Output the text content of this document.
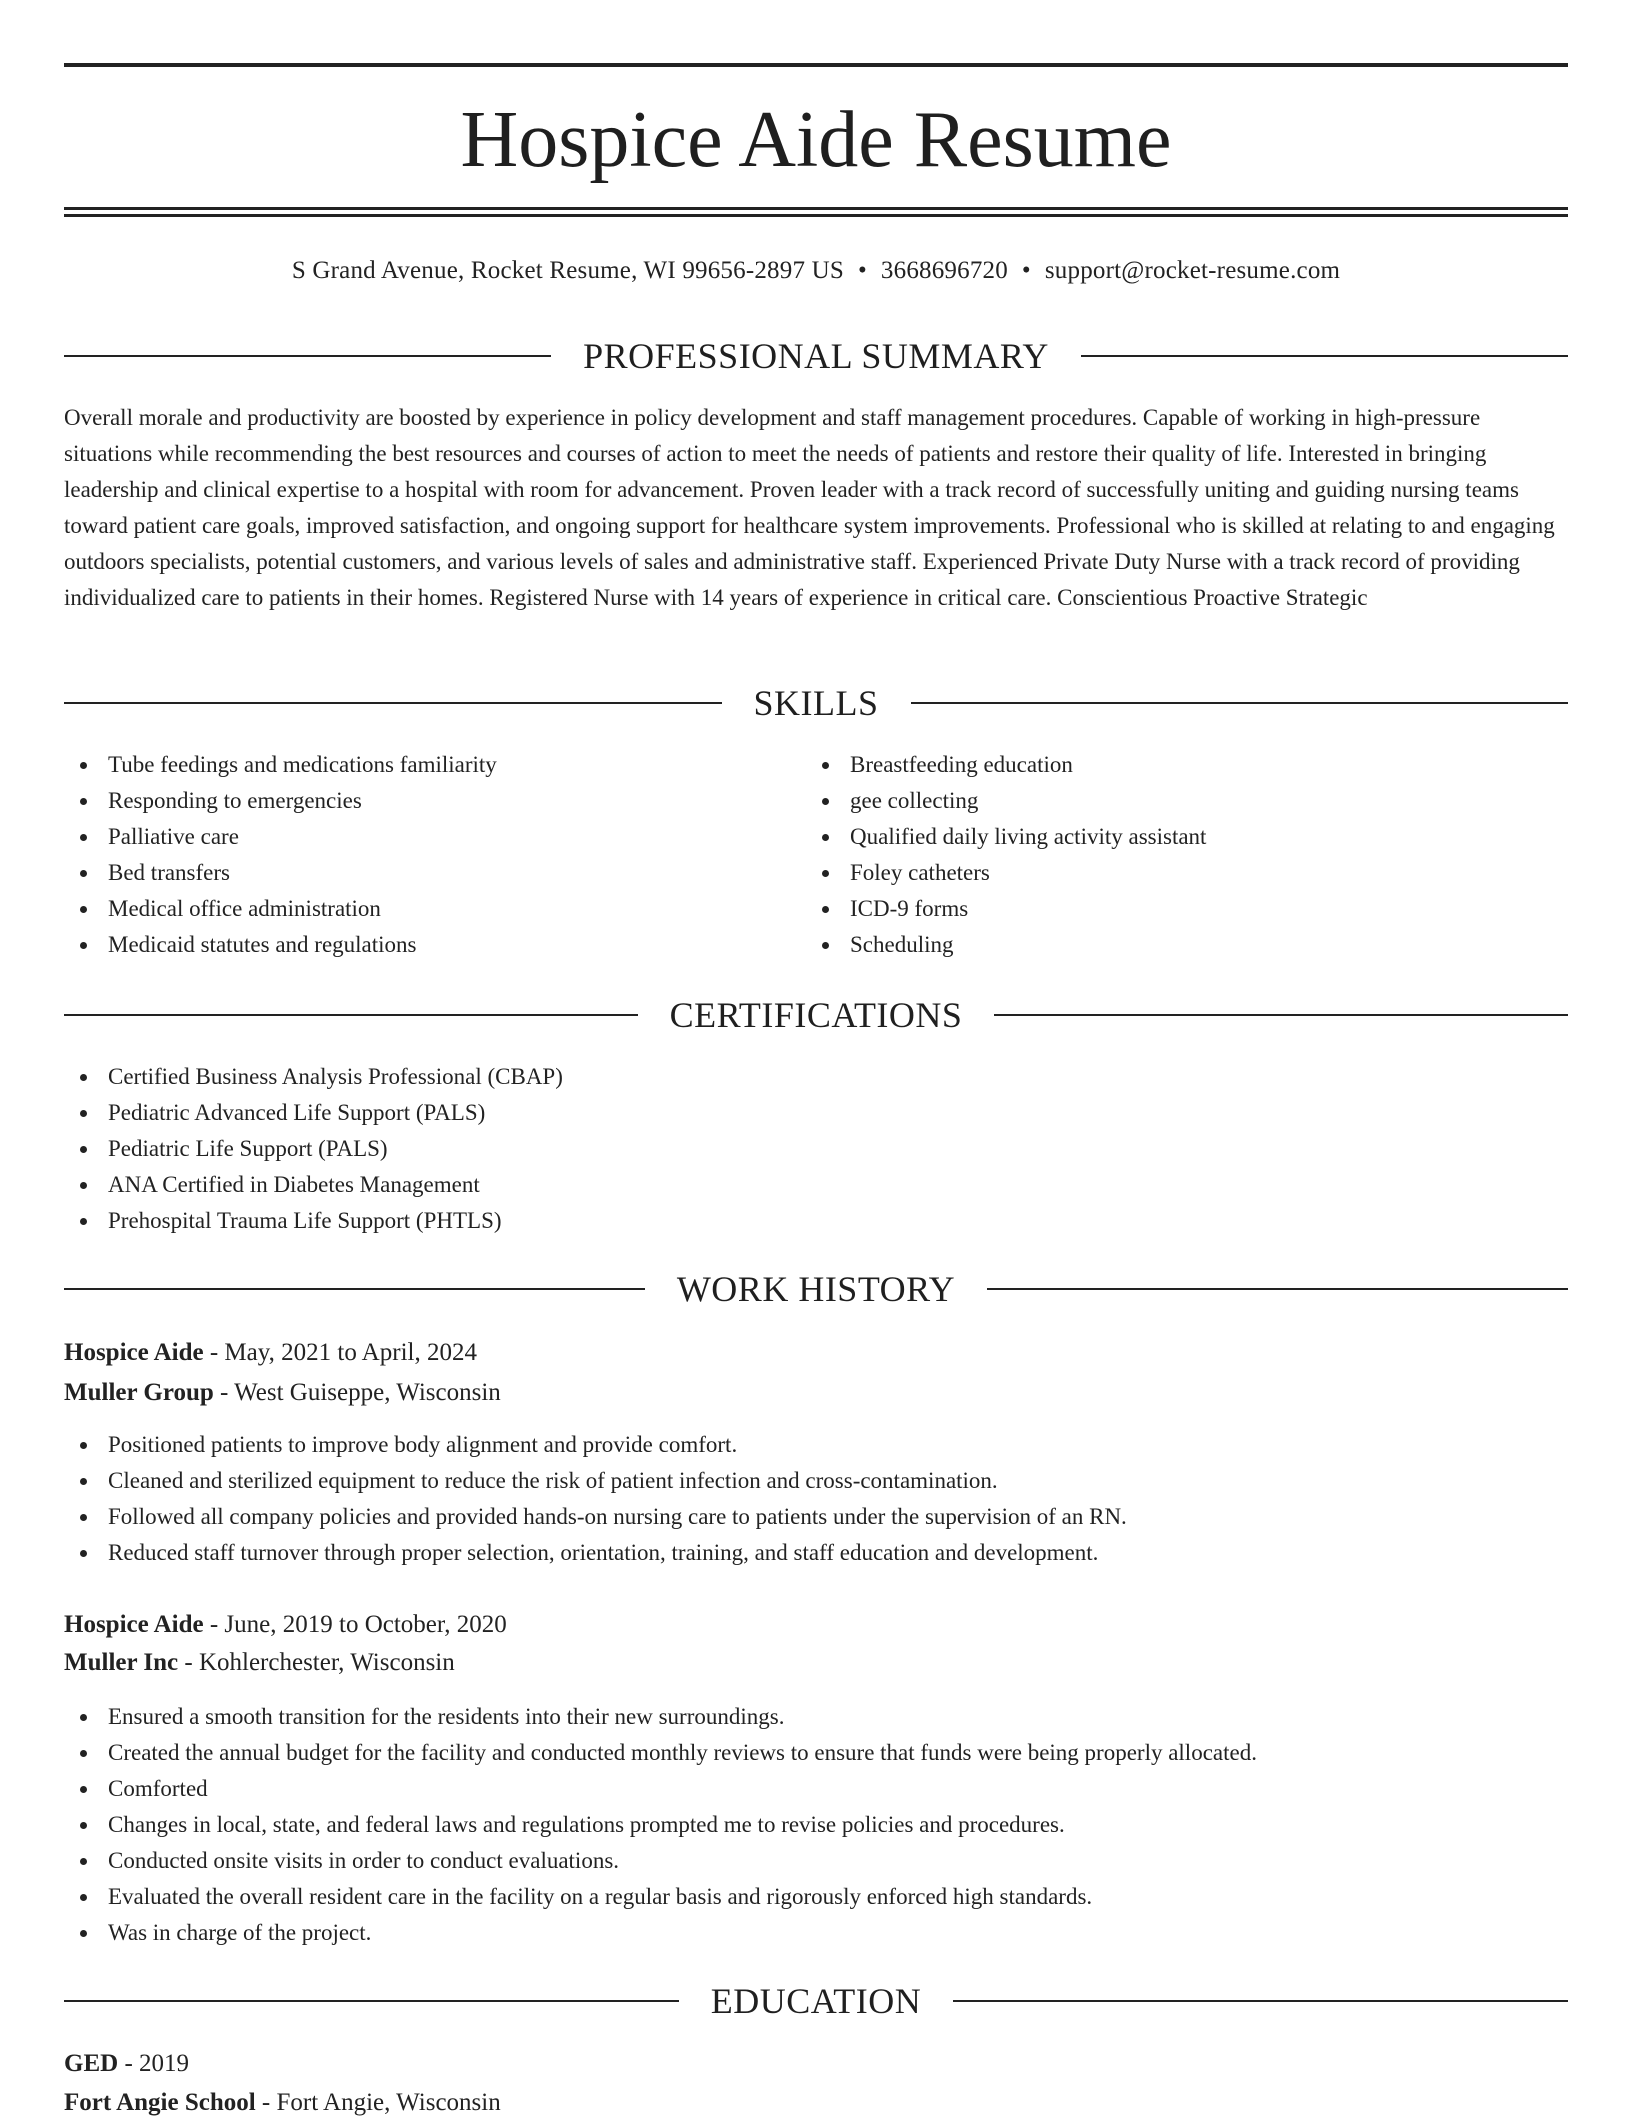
Hospice Aide Resume
S Grand Avenue, Rocket Resume, WI 99656-2897 US • 3668696720 • support@rocket-resume.com
PROFESSIONAL SUMMARY

Overall morale and productivity are boosted by experience in policy development and staff management procedures. Capable of working in high-pressure situations while recommending the best resources and courses of action to meet the needs of patients and restore their quality of life. Interested in bringing leadership and clinical expertise to a hospital with room for advancement. Proven leader with a track record of successfully uniting and guiding nursing teams toward patient care goals, improved satisfaction, and ongoing support for healthcare system improvements. Professional who is skilled at relating to and engaging outdoors specialists, potential customers, and various levels of sales and administrative staff. Experienced Private Duty Nurse with a track record of providing individualized care to patients in their homes. Registered Nurse with 14 years of experience in critical care. Conscientious Proactive Strategic

SKILLS
Tube feedings and medications familiarity
Responding to emergencies
Palliative care
Bed transfers
Medical office administration
Medicaid statutes and regulations
Breastfeeding education
gee collecting
Qualified daily living activity assistant
Foley catheters
ICD-9 forms
Scheduling
CERTIFICATIONS
Certified Business Analysis Professional (CBAP)
Pediatric Advanced Life Support (PALS)
Pediatric Life Support (PALS)
ANA Certified in Diabetes Management
Prehospital Trauma Life Support (PHTLS)
WORK HISTORY

Hospice Aide - May, 2021 to April, 2024

Muller Group - West Guiseppe, Wisconsin

Positioned patients to improve body alignment and provide comfort.
Cleaned and sterilized equipment to reduce the risk of patient infection and cross-contamination.
Followed all company policies and provided hands-on nursing care to patients under the supervision of an RN.
Reduced staff turnover through proper selection, orientation, training, and staff education and development.

Hospice Aide - June, 2019 to October, 2020

Muller Inc - Kohlerchester, Wisconsin

Ensured a smooth transition for the residents into their new surroundings.
Created the annual budget for the facility and conducted monthly reviews to ensure that funds were being properly allocated.
Comforted
Changes in local, state, and federal laws and regulations prompted me to revise policies and procedures.
Conducted onsite visits in order to conduct evaluations.
Evaluated the overall resident care in the facility on a regular basis and rigorously enforced high standards.
Was in charge of the project.
EDUCATION

GED - 2019

Fort Angie School - Fort Angie, Wisconsin
